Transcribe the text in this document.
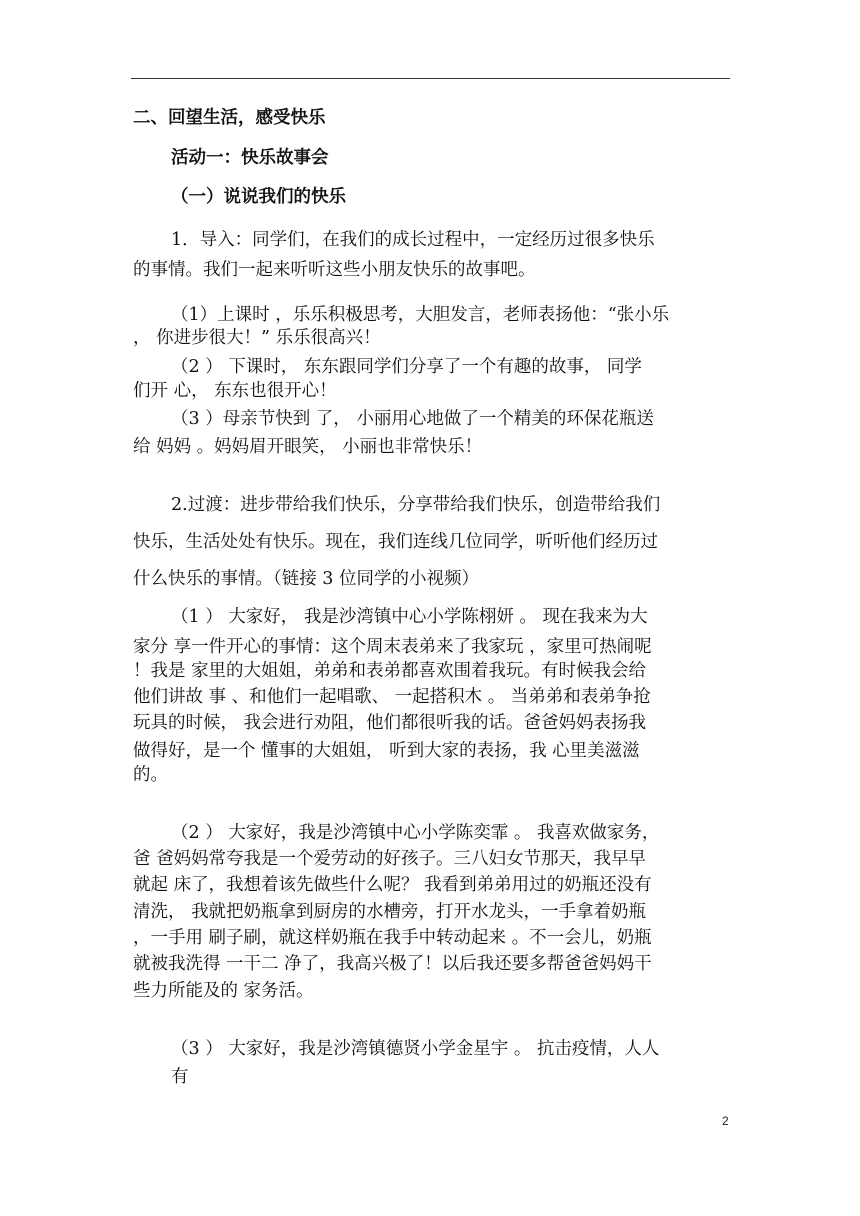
二、回望生活，感受快乐

活动一：快乐故事会

（一）说说我们的快乐

1．导入：同学们，在我们的成长过程中，一定经历过很多快乐

的事情。我们一起来听听这些小朋友快乐的故事吧。

（1）上课时 ，乐乐积极思考，大胆发言，老师表扬他：“张小乐

， 你进步很大！” 乐乐很高兴！

（2 ） 下课时， 东东跟同学们分享了一个有趣的故事， 同学

们开 心， 东东也很开心！

（3 ）母亲节快到 了， 小丽用心地做了一个精美的环保花瓶送

给 妈妈 。妈妈眉开眼笑， 小丽也非常快乐！

2.过渡：进步带给我们快乐，分享带给我们快乐，创造带给我们

快乐，生活处处有快乐。现在，我们连线几位同学，听听他们经历过

什么快乐的事情。（链接 3 位同学的小视频）

（1 ） 大家好， 我是沙湾镇中心小学陈栩妍 。 现在我来为大

家分 享一件开心的事情：这个周末表弟来了我家玩 ，家里可热闹呢

！我是 家里的大姐姐，弟弟和表弟都喜欢围着我玩。有时候我会给

他们讲故 事 、和他们一起唱歌、 一起搭积木 。 当弟弟和表弟争抢

玩具的时候， 我会进行劝阻，他们都很听我的话。爸爸妈妈表扬我

做得好，是一个 懂事的大姐姐， 听到大家的表扬，我 心里美滋滋

的。

（2 ） 大家好，我是沙湾镇中心小学陈奕霏 。 我喜欢做家务，

爸 爸妈妈常夸我是一个爱劳动的好孩子。三八妇女节那天，我早早

就起 床了，我想着该先做些什么呢？ 我看到弟弟用过的奶瓶还没有

清洗， 我就把奶瓶拿到厨房的水槽旁，打开水龙头，一手拿着奶瓶

，一手用 刷子刷，就这样奶瓶在我手中转动起来 。不一会儿，奶瓶

就被我洗得 一干二 净了，我高兴极了！以后我还要多帮爸爸妈妈干

些力所能及的 家务活。

（3 ） 大家好，我是沙湾镇德贤小学金星宇 。 抗击疫情，人人

有

2
